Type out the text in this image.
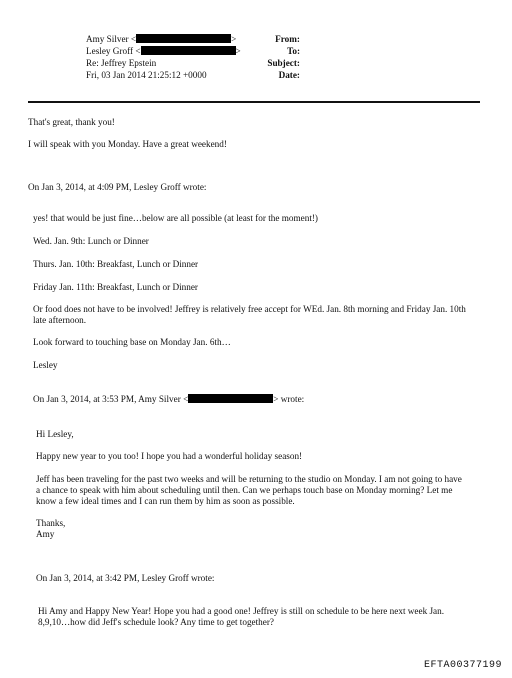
From:
Amy Silver <	>
To:
Lesley Groff <	>
Subject:
Re: Jeffrey Epstein
Date:
Fri, 03 Jan 2014 21:25:12 +0000
That's great, thank you!
I will speak with you Monday. Have a great weekend!
On Jan 3, 2014, at 4:09 PM, Lesley Groff wrote:
yes! that would be just fine…below are all possible (at least for the moment!)
Wed. Jan. 9th: Lunch or Dinner
Thurs. Jan. 10th: Breakfast, Lunch or Dinner
Friday Jan. 11th: Breakfast, Lunch or Dinner
Or food does not have to be involved! Jeffrey is relatively free accept for WEd. Jan. 8th morning and Friday Jan. 10th late afternoon.
Look forward to touching base on Monday Jan. 6th…
Lesley
On Jan 3, 2014, at 3:53 PM, Amy Silver <	> wrote:
Hi Lesley,
Happy new year to you too! I hope you had a wonderful holiday season!
Jeff has been traveling for the past two weeks and will be returning to the studio on Monday. I am not going to have a chance to speak with him about scheduling until then. Can we perhaps touch base on Monday morning? Let me know a few ideal times and I can run them by him as soon as possible.
Thanks,
Amy
On Jan 3, 2014, at 3:42 PM, Lesley Groff wrote:
Hi Amy and Happy New Year! Hope you had a good one! Jeffrey is still on schedule to be here next week Jan. 8,9,10…how did Jeff's schedule look? Any time to get together?
EFTA00377199
